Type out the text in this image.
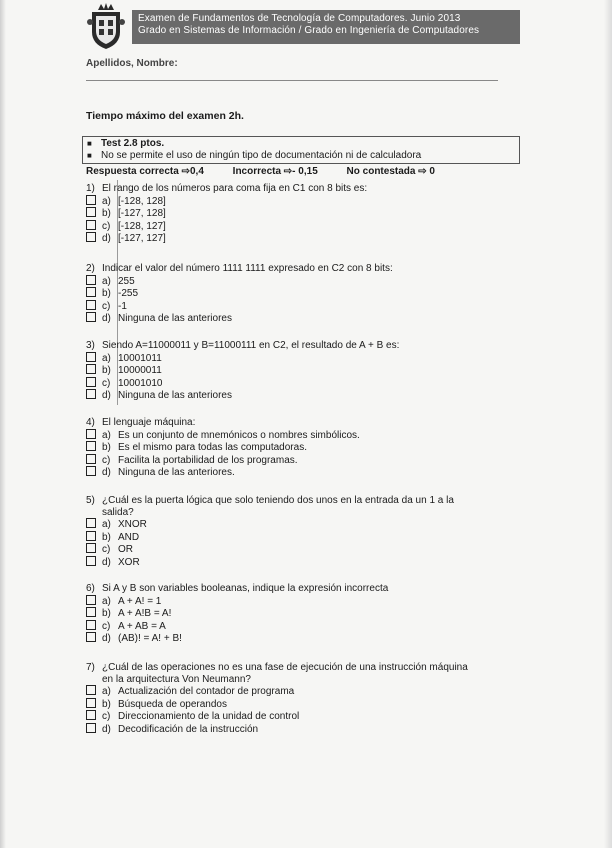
Examen de Fundamentos de Tecnología de Computadores. Junio 2013
Grado en Sistemas de Información / Grado en Ingeniería de Computadores
Apellidos, Nombre:
Tiempo máximo del examen 2h.
■ Test 2.8 ptos.
■ No se permite el uso de ningún tipo de documentación ni de calculadora
Respuesta correcta ⇨0,4	Incorrecta ⇨- 0,15	No contestada ⇨ 0
1) El rango de los números para coma fija en C1 con 8 bits es:
a) [-128, 128]
b) [-127, 128]
c) [-128, 127]
d) [-127, 127]
2) Indicar el valor del número 1111 1111 expresado en C2 con 8 bits:
a) 255
b) -255
c) -1
d) Ninguna de las anteriores
3) Siendo A=11000011 y B=11000111 en C2, el resultado de A + B es:
a) 10001011
b) 10000011
c) 10001010
d) Ninguna de las anteriores
4) El lenguaje máquina:
a) Es un conjunto de mnemónicos o nombres simbólicos.
b) Es el mismo para todas las computadoras.
c) Facilita la portabilidad de los programas.
d) Ninguna de las anteriores.
5) ¿Cuál es la puerta lógica que solo teniendo dos unos en la entrada da un 1 a la
salida?
a) XNOR
b) AND
c) OR
d) XOR
6) Si A y B son variables booleanas, indique la expresión incorrecta
a) A + A! = 1
b) A + A!B = A!
c) A + AB = A
d) (AB)! = A! + B!
7) ¿Cuál de las operaciones no es una fase de ejecución de una instrucción máquina
en la arquitectura Von Neumann?
a) Actualización del contador de programa
b) Búsqueda de operandos
c) Direccionamiento de la unidad de control
d) Decodificación de la instrucción
